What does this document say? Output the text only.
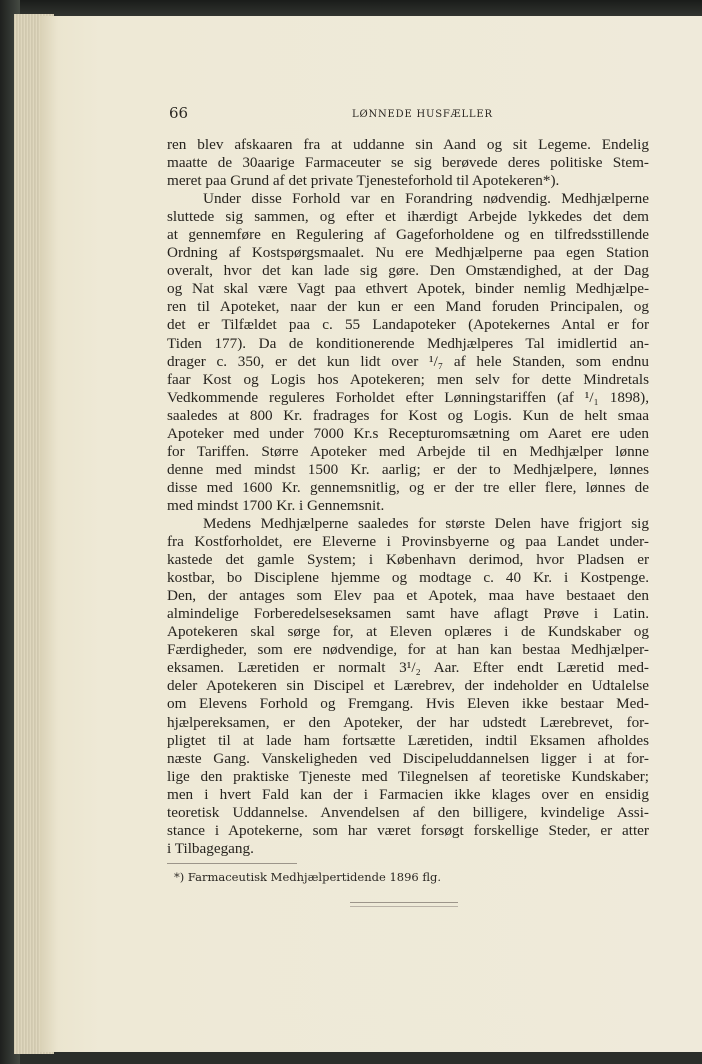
66	LØNNEDE HUSFÆLLER

ren blev afskaaren fra at uddanne sin Aand og sit Legeme. Endelig
maatte de 30aarige Farmaceuter se sig berøvede deres politiske Stem-
meret paa Grund af det private Tjenesteforhold til Apotekeren*).
Under disse Forhold var en Forandring nødvendig. Medhjælperne
sluttede sig sammen, og efter et ihærdigt Arbejde lykkedes det dem
at gennemføre en Regulering af Gageforholdene og en tilfredsstillende
Ordning af Kostspørgsmaalet. Nu ere Medhjælperne paa egen Station
overalt, hvor det kan lade sig gøre. Den Omstændighed, at der Dag
og Nat skal være Vagt paa ethvert Apotek, binder nemlig Medhjælpe-
ren til Apoteket, naar der kun er een Mand foruden Principalen, og
det er Tilfældet paa c. 55 Landapoteker (Apotekernes Antal er for
Tiden 177). Da de konditionerende Medhjælperes Tal imidlertid an-
drager c. 350, er det kun lidt over ¹/₇ af hele Standen, som endnu
faar Kost og Logis hos Apotekeren; men selv for dette Mindretals
Vedkommende reguleres Forholdet efter Lønningstariffen (af ¹/₁ 1898),
saaledes at 800 Kr. fradrages for Kost og Logis. Kun de helt smaa
Apoteker med under 7000 Kr.s Recepturomsætning om Aaret ere uden
for Tariffen. Større Apoteker med Arbejde til en Medhjælper lønne
denne med mindst 1500 Kr. aarlig; er der to Medhjælpere, lønnes
disse med 1600 Kr. gennemsnitlig, og er der tre eller flere, lønnes de
med mindst 1700 Kr. i Gennemsnit.
Medens Medhjælperne saaledes for største Delen have frigjort sig
fra Kostforholdet, ere Eleverne i Provinsbyerne og paa Landet under-
kastede det gamle System; i København derimod, hvor Pladsen er
kostbar, bo Disciplene hjemme og modtage c. 40 Kr. i Kostpenge.
Den, der antages som Elev paa et Apotek, maa have bestaaet den
almindelige Forberedelseseksamen samt have aflagt Prøve i Latin.
Apotekeren skal sørge for, at Eleven oplæres i de Kundskaber og
Færdigheder, som ere nødvendige, for at han kan bestaa Medhjælper-
eksamen. Læretiden er normalt 3¹/₂ Aar. Efter endt Læretid med-
deler Apotekeren sin Discipel et Lærebrev, der indeholder en Udtalelse
om Elevens Forhold og Fremgang. Hvis Eleven ikke bestaar Med-
hjælpereksamen, er den Apoteker, der har udstedt Lærebrevet, for-
pligtet til at lade ham fortsætte Læretiden, indtil Eksamen afholdes
næste Gang. Vanskeligheden ved Discipeluddannelsen ligger i at for-
lige den praktiske Tjeneste med Tilegnelsen af teoretiske Kundskaber;
men i hvert Fald kan der i Farmacien ikke klages over en ensidig
teoretisk Uddannelse. Anvendelsen af den billigere, kvindelige Assi-
stance i Apotekerne, som har været forsøgt forskellige Steder, er atter
i Tilbagegang.

*) Farmaceutisk Medhjælpertidende 1896 flg.
